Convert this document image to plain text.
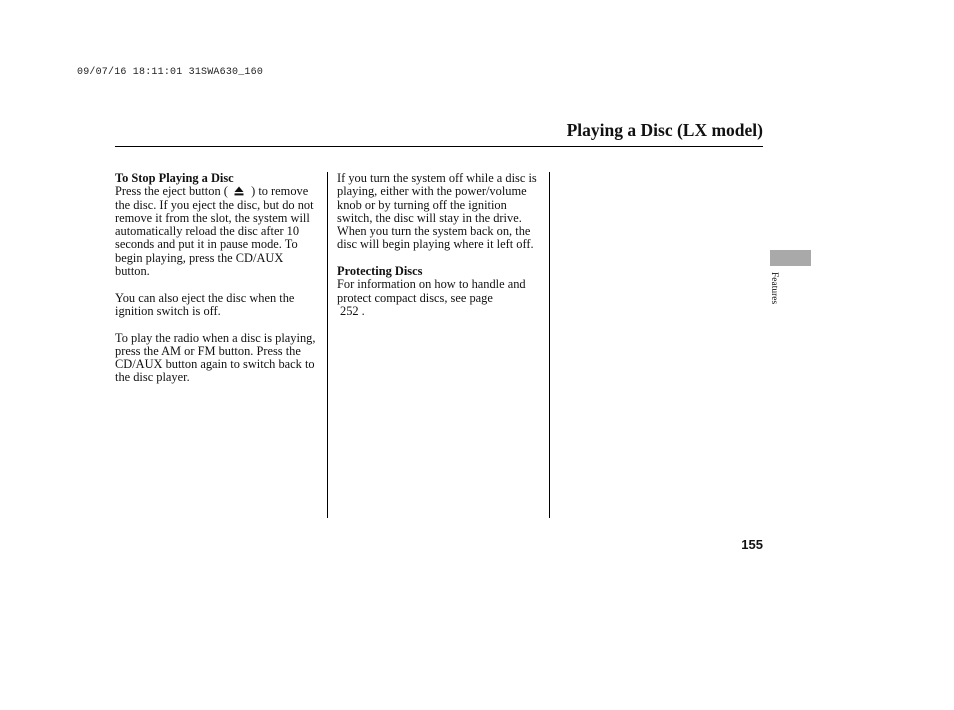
09/07/16 18:11:01 31SWA630_160
Playing a Disc (LX model)

To Stop Playing a Disc
Press the eject button ( ) to remove the disc. If you eject the disc, but do not remove it from the slot, the system will automatically reload the disc after 10 seconds and put it in pause mode. To begin playing, press the CD/AUX button.

You can also eject the disc when the ignition switch is off.

To play the radio when a disc is playing, press the AM or FM button. Press the CD/AUX button again to switch back to the disc player.

If you turn the system off while a disc is playing, either with the power/volume knob or by turning off the ignition switch, the disc will stay in the drive. When you turn the system back on, the disc will begin playing where it left off.

Protecting Discs
For information on how to handle and protect compact discs, see page
252 .

Features
155
